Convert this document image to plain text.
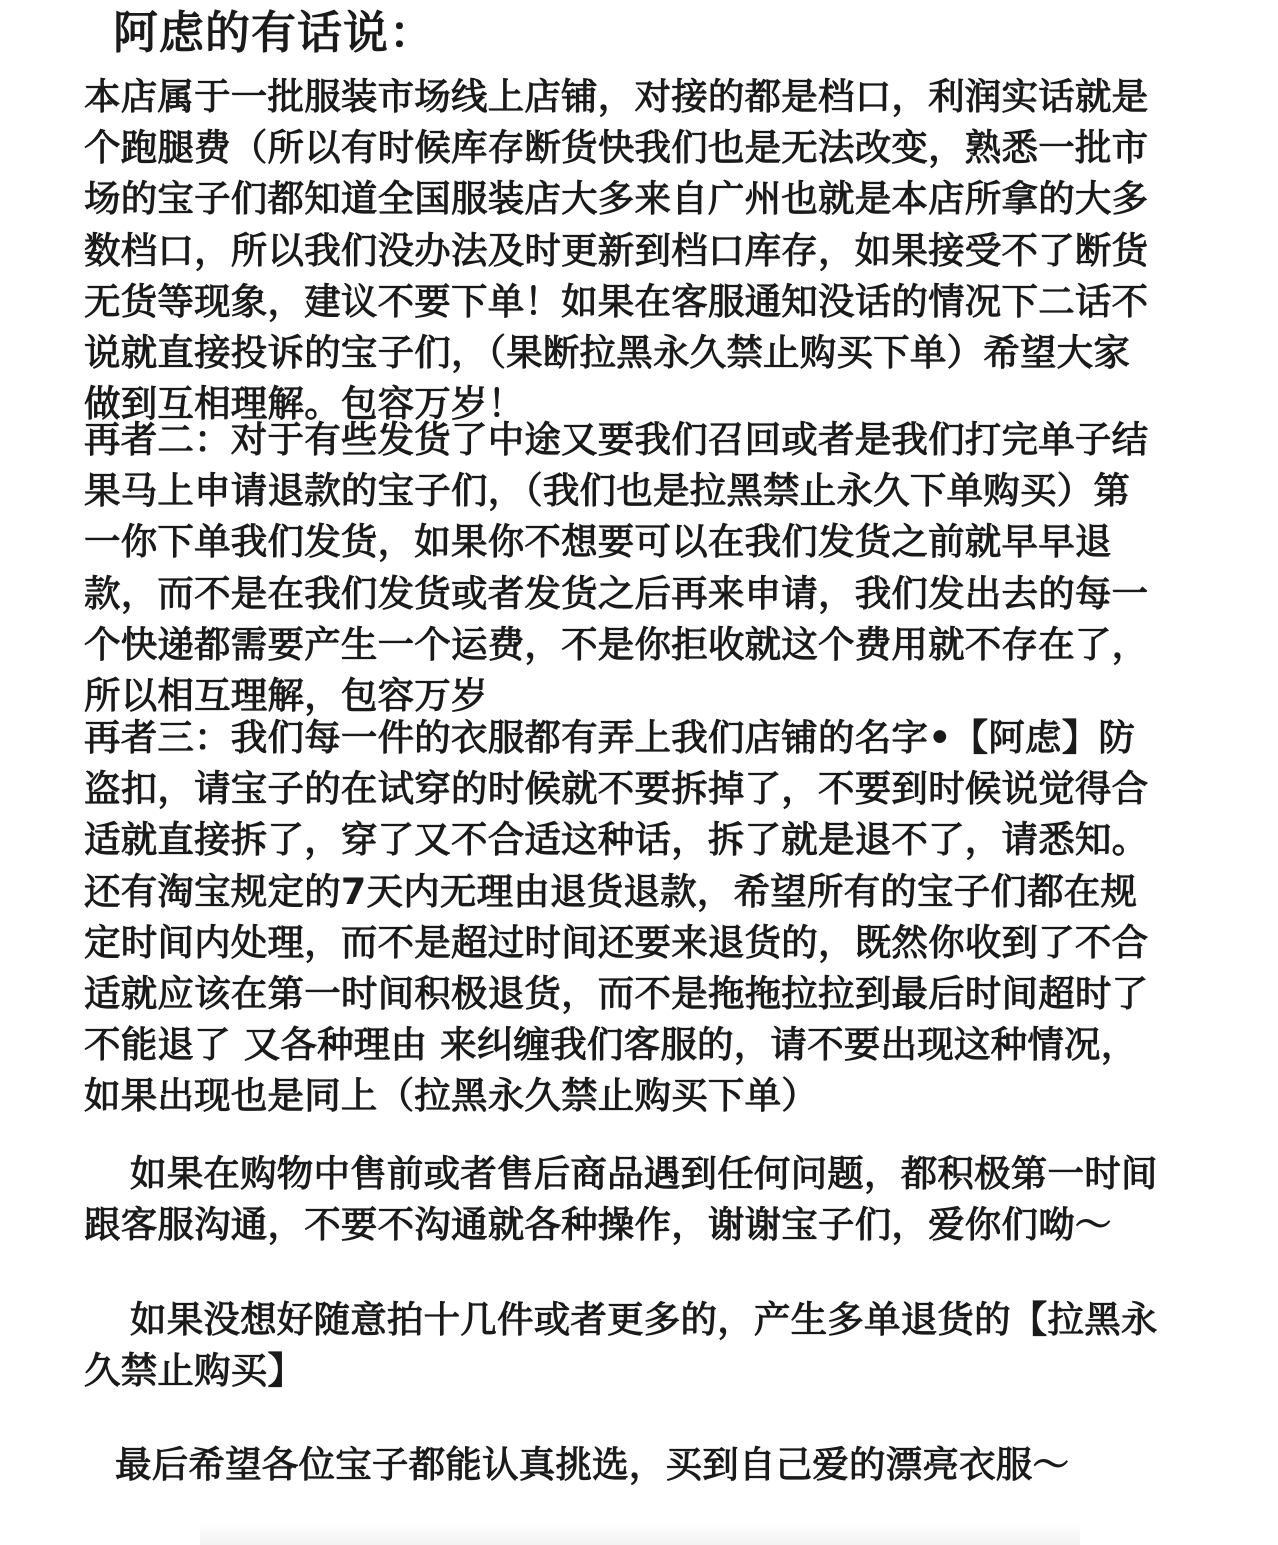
阿虑的有话说：
本店属于一批服装市场线上店铺，对接的都是档口，利润实话就是
个跑腿费（所以有时候库存断货快我们也是无法改变，熟悉一批市
场的宝子们都知道全国服装店大多来自广州也就是本店所拿的大多
数档口，所以我们没办法及时更新到档口库存，如果接受不了断货
无货等现象，建议不要下单！如果在客服通知没话的情况下二话不
说就直接投诉的宝子们，（果断拉黑永久禁止购买下单）希望大家
做到互相理解。包容万岁！
再者二：对于有些发货了中途又要我们召回或者是我们打完单子结
果马上申请退款的宝子们，（我们也是拉黑禁止永久下单购买）第
一你下单我们发货，如果你不想要可以在我们发货之前就早早退
款，而不是在我们发货或者发货之后再来申请，我们发出去的每一
个快递都需要产生一个运费，不是你拒收就这个费用就不存在了，
所以相互理解，包容万岁
再者三：我们每一件的衣服都有弄上我们店铺的名字•【阿虑】防
盗扣，请宝子的在试穿的时候就不要拆掉了，不要到时候说觉得合
适就直接拆了，穿了又不合适这种话，拆了就是退不了，请悉知。
还有淘宝规定的7天内无理由退货退款，希望所有的宝子们都在规
定时间内处理，而不是超过时间还要来退货的，既然你收到了不合
适就应该在第一时间积极退货，而不是拖拖拉拉到最后时间超时了
不能退了 又各种理由 来纠缠我们客服的，请不要出现这种情况，
如果出现也是同上（拉黑永久禁止购买下单）
如果在购物中售前或者售后商品遇到任何问题，都积极第一时间
跟客服沟通，不要不沟通就各种操作，谢谢宝子们，爱你们呦～
如果没想好随意拍十几件或者更多的，产生多单退货的【拉黑永
久禁止购买】
最后希望各位宝子都能认真挑选，买到自己爱的漂亮衣服～
